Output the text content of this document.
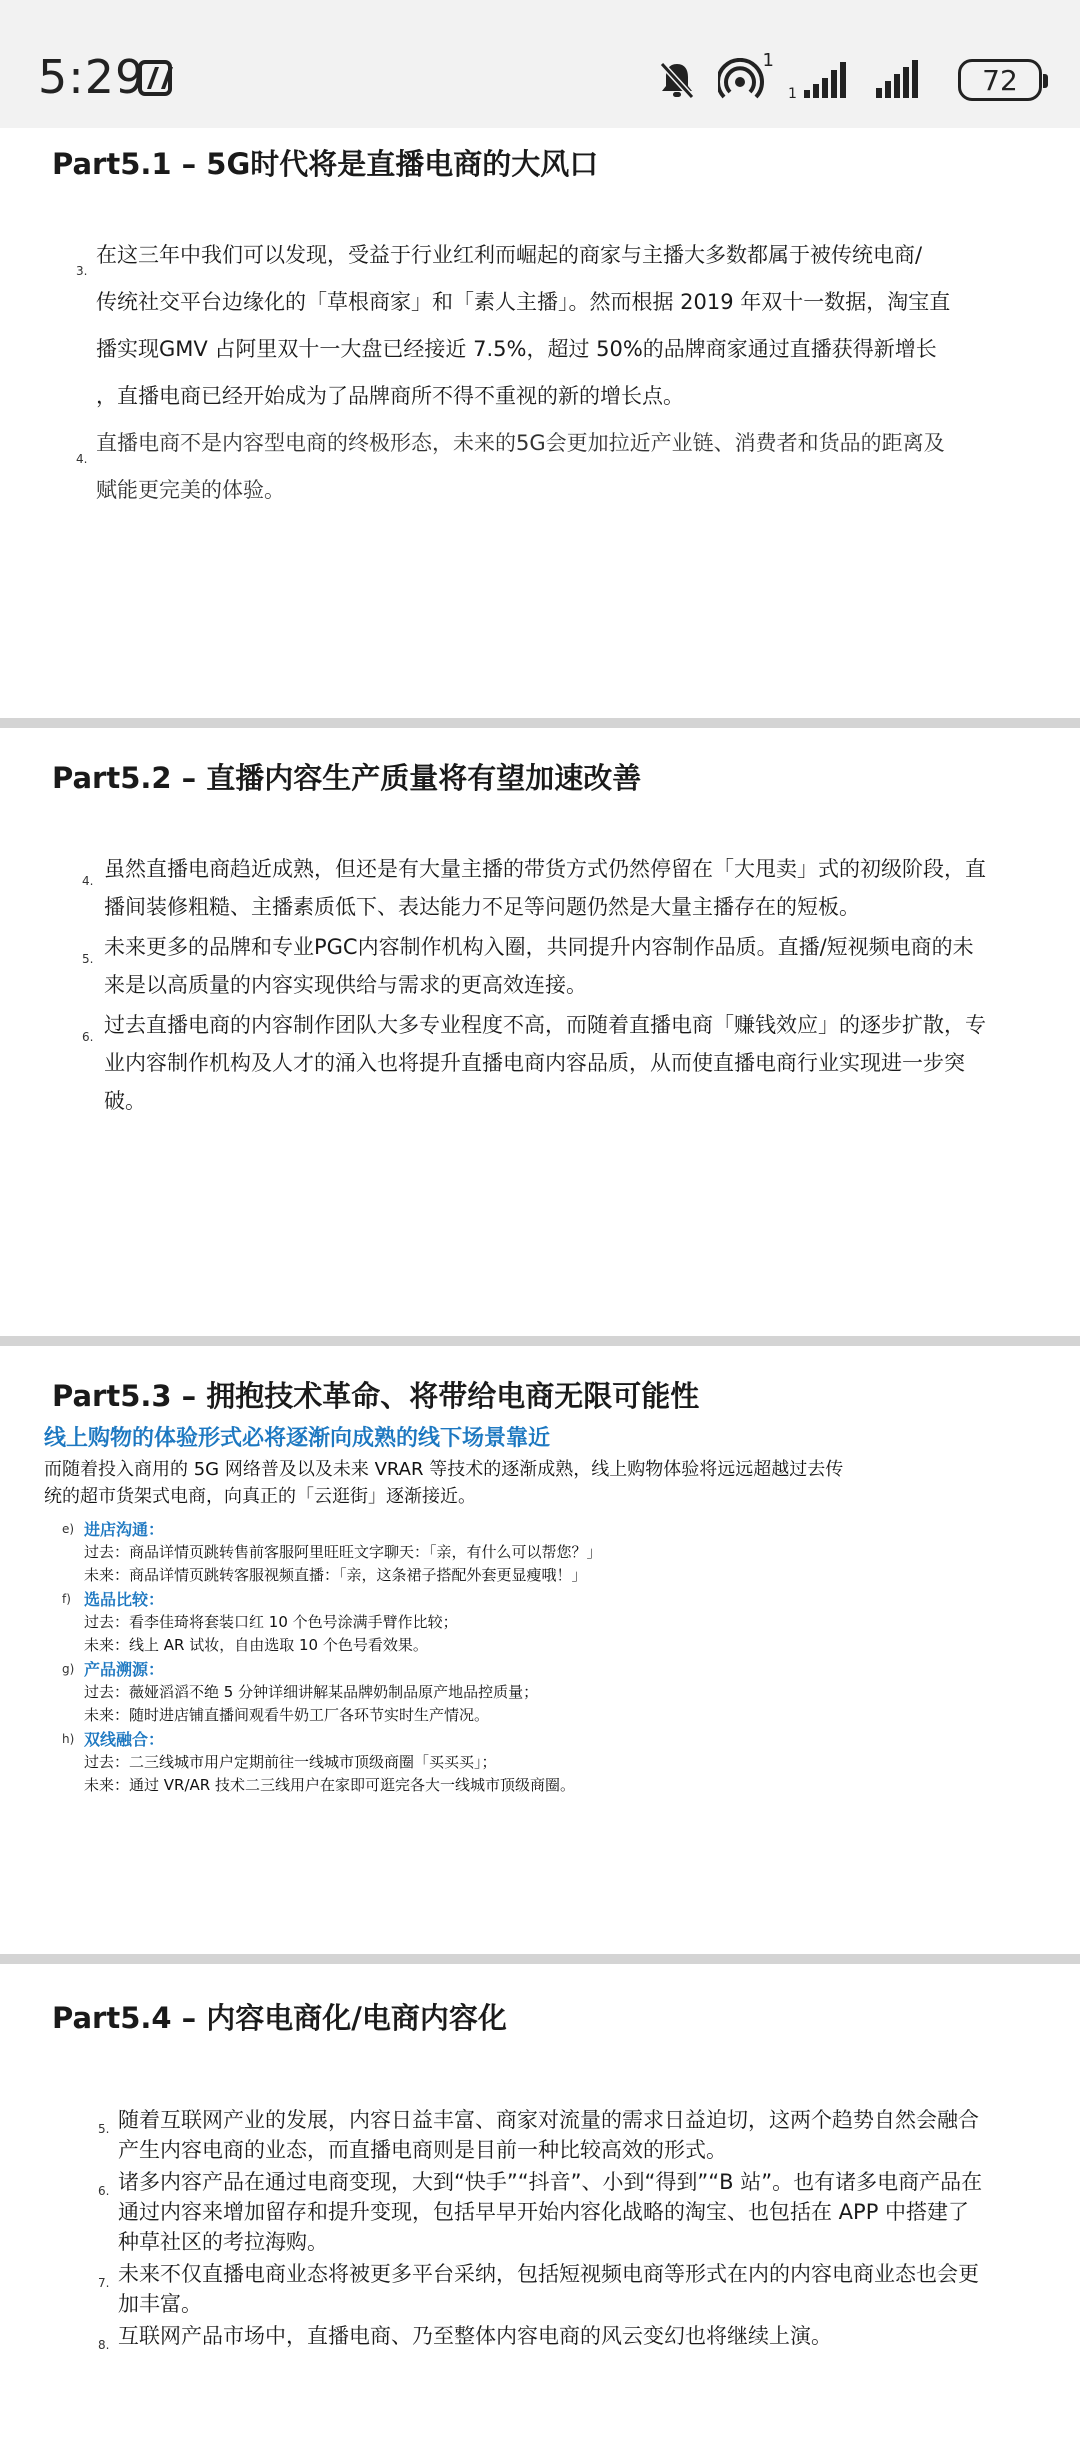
5:29	1
1	72
Part5.1 – 5G时代将是直播电商的大风口
3.
在这三年中我们可以发现，受益于行业红利而崛起的商家与主播大多数都属于被传统电商/
传统社交平台边缘化的「草根商家」和「素人主播」。然而根据 2019 年双十一数据，淘宝直
播实现GMV 占阿里双十一大盘已经接近 7.5%，超过 50%的品牌商家通过直播获得新增长
，直播电商已经开始成为了品牌商所不得不重视的新的增长点。
4.
直播电商不是内容型电商的终极形态，未来的5G会更加拉近产业链、消费者和货品的距离及
赋能更完美的体验。
Part5.2 – 直播内容生产质量将有望加速改善
4. 虽然直播电商趋近成熟，但还是有大量主播的带货方式仍然停留在「大甩卖」式的初级阶段，直
播间装修粗糙、主播素质低下、表达能力不足等问题仍然是大量主播存在的短板。
5. 未来更多的品牌和专业PGC内容制作机构入圈，共同提升内容制作品质。直播/短视频电商的未
来是以高质量的内容实现供给与需求的更高效连接。
6. 过去直播电商的内容制作团队大多专业程度不高，而随着直播电商「赚钱效应」的逐步扩散，专
业内容制作机构及人才的涌入也将提升直播电商内容品质，从而使直播电商行业实现进一步突
破。
Part5.3 – 拥抱技术革命、将带给电商无限可能性
线上购物的体验形式必将逐渐向成熟的线下场景靠近
而随着投入商用的 5G 网络普及以及未来 VRAR 等技术的逐渐成熟，线上购物体验将远远超越过去传
统的超市货架式电商，向真正的「云逛街」逐渐接近。
e) 进店沟通：
过去：商品详情页跳转售前客服阿里旺旺文字聊天：「亲，有什么可以帮您？」
未来：商品详情页跳转客服视频直播：「亲，这条裙子搭配外套更显瘦哦！」
f) 选品比较：
过去：看李佳琦将套装口红 10 个色号涂满手臂作比较；
未来：线上 AR 试妆，自由选取 10 个色号看效果。
g) 产品溯源：
过去：薇娅滔滔不绝 5 分钟详细讲解某品牌奶制品原产地品控质量；
未来：随时进店铺直播间观看牛奶工厂各环节实时生产情况。
h) 双线融合：
过去：二三线城市用户定期前往一线城市顶级商圈「买买买」；
未来：通过 VR/AR 技术二三线用户在家即可逛完各大一线城市顶级商圈。
Part5.4 – 内容电商化/电商内容化
5. 随着互联网产业的发展，内容日益丰富、商家对流量的需求日益迫切，这两个趋势自然会融合
产生内容电商的业态，而直播电商则是目前一种比较高效的形式。
6. 诸多内容产品在通过电商变现，大到“快手”“抖音”、小到“得到”“B 站”。也有诸多电商产品在
通过内容来增加留存和提升变现，包括早早开始内容化战略的淘宝、也包括在 APP 中搭建了
种草社区的考拉海购。
7. 未来不仅直播电商业态将被更多平台采纳，包括短视频电商等形式在内的内容电商业态也会更
加丰富。
8. 互联网产品市场中，直播电商、乃至整体内容电商的风云变幻也将继续上演。
